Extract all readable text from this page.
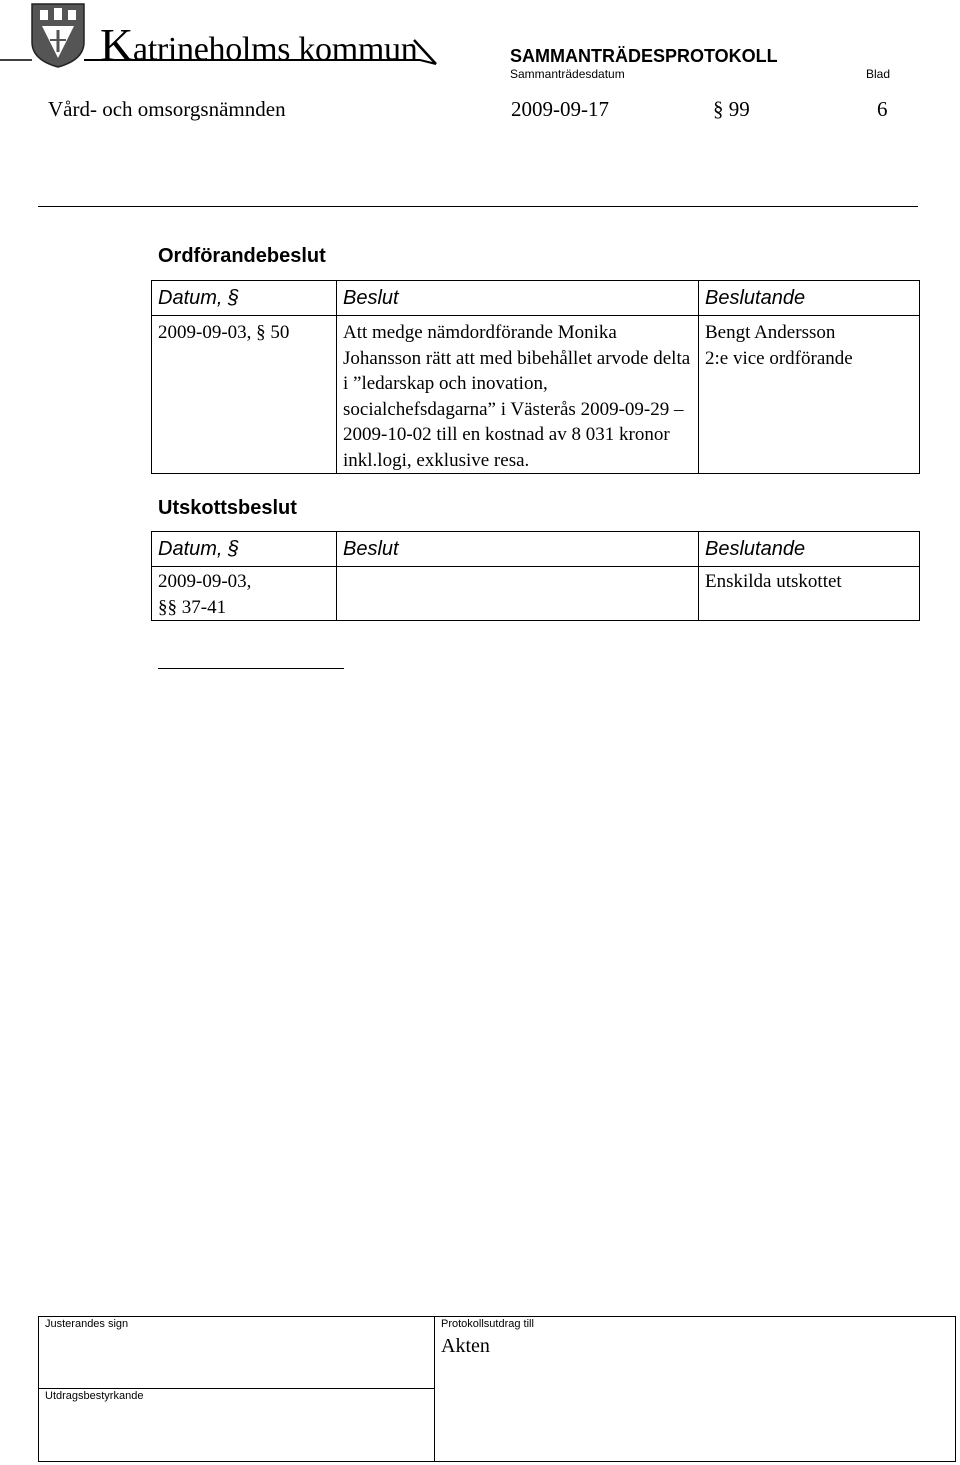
Katrineholms kommun	SAMMANTRÄDESPROTOKOLL
Sammanträdesdatum	Blad
Vård- och omsorgsnämnden	2009-09-17	§ 99	6
Ordförandebeslut
Datum, §	Beslut	Beslutande
2009-09-03, § 50	Att medge nämdordförande Monika Johansson rätt att med bibehållet arvode delta i ”ledarskap och inovation, socialchefsdagarna” i Västerås 2009-09-29 – 2009-10-02 till en kostnad av 8 031 kronor inkl.logi, exklusive resa.	Bengt Andersson
2:e vice ordförande
Utskottsbeslut
Datum, §	Beslut	Beslutande

2009-09-03,
§§ 37-41		Enskilda utskottet
Justerandes sign	Protokollsutdrag till
Akten
Utdragsbestyrkande
